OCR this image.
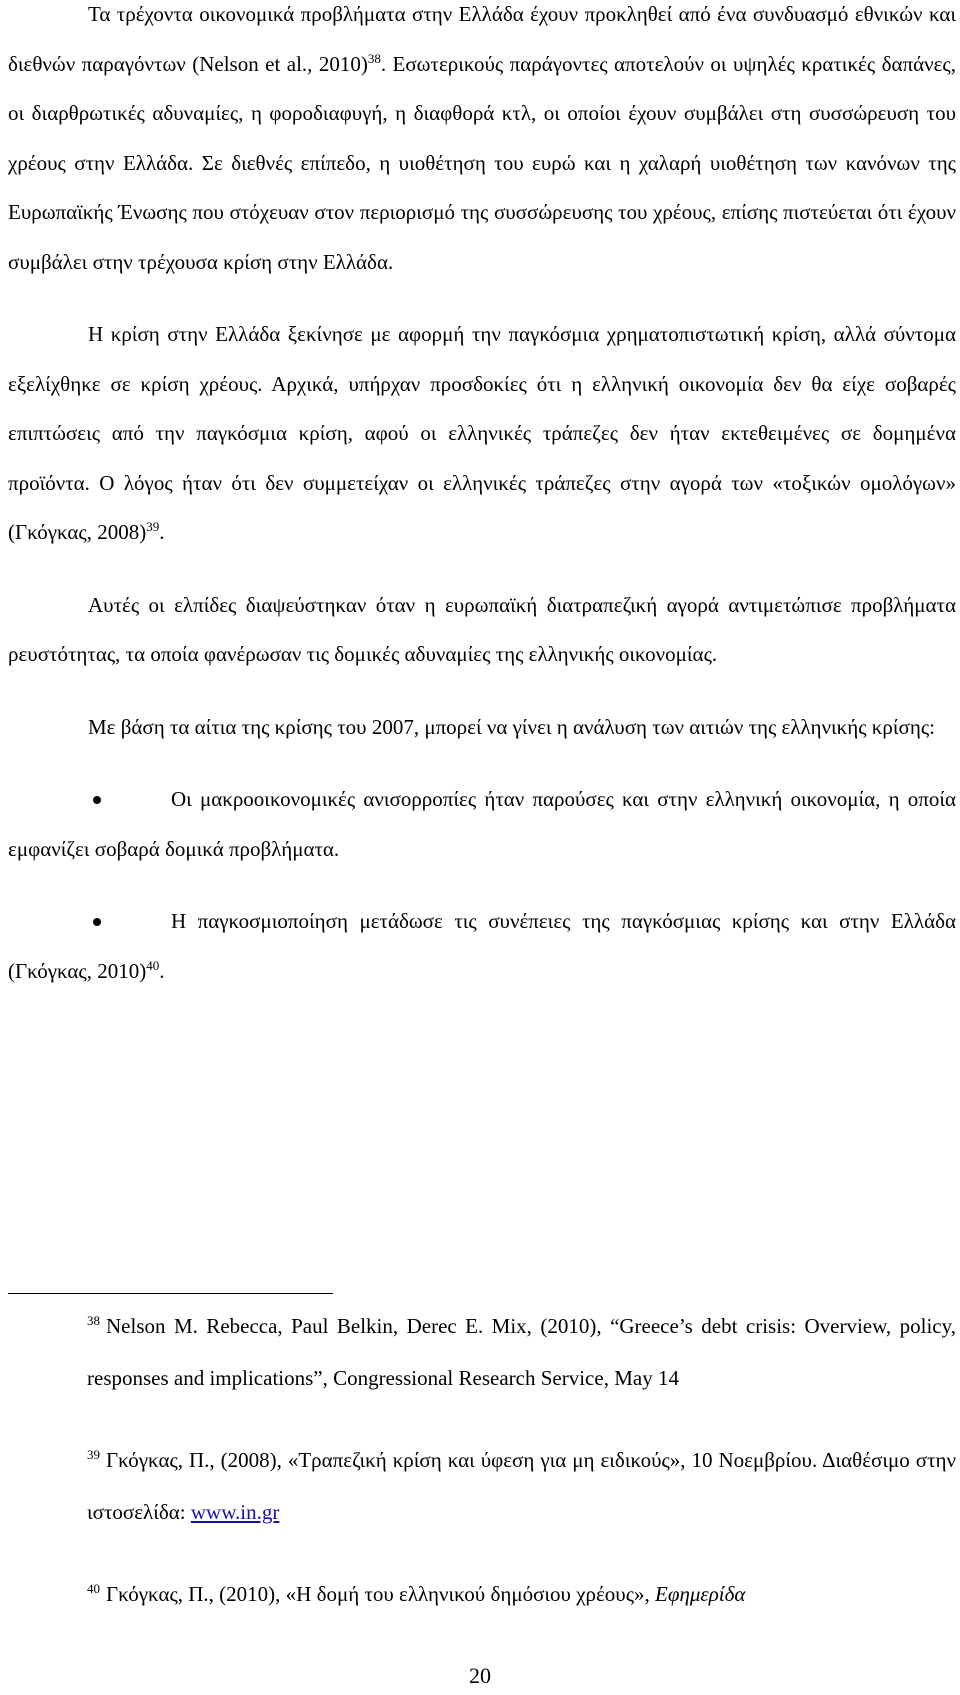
Τα τρέχοντα οικονομικά προβλήματα στην Ελλάδα έχουν προκληθεί από ένα συνδυασμό εθνικών και διεθνών παραγόντων (Nelson et al., 2010)$^{38}$. Εσωτερικούς παράγοντες αποτελούν οι υψηλές κρατικές δαπάνες, οι διαρθρωτικές αδυναμίες, η φοροδιαφυγή, η διαφθορά κτλ, οι οποίοι έχουν συμβάλει στη συσσώρευση του χρέους στην Ελλάδα. Σε διεθνές επίπεδο, η υιοθέτηση του ευρώ και η χαλαρή υιοθέτηση των κανόνων της Ευρωπαϊκής Ένωσης που στόχευαν στον περιορισμό της συσσώρευσης του χρέους, επίσης πιστεύεται ότι έχουν συμβάλει στην τρέχουσα κρίση στην Ελλάδα.

Η κρίση στην Ελλάδα ξεκίνησε με αφορμή την παγκόσμια χρηματοπιστωτική κρίση, αλλά σύντομα εξελίχθηκε σε κρίση χρέους. Αρχικά, υπήρχαν προσδοκίες ότι η ελληνική οικονομία δεν θα είχε σοβαρές επιπτώσεις από την παγκόσμια κρίση, αφού οι ελληνικές τράπεζες δεν ήταν εκτεθειμένες σε δομημένα προϊόντα. Ο λόγος ήταν ότι δεν συμμετείχαν οι ελληνικές τράπεζες στην αγορά των «τοξικών ομολόγων» (Γκόγκας, 2008)$^{39}$.

Αυτές οι ελπίδες διαψεύστηκαν όταν η ευρωπαϊκή διατραπεζική αγορά αντιμετώπισε προβλήματα ρευστότητας, τα οποία φανέρωσαν τις δομικές αδυναμίες της ελληνικής οικονομίας.

Με βάση τα αίτια της κρίσης του 2007, μπορεί να γίνει η ανάλυση των αιτιών της ελληνικής κρίσης:

Οι μακροοικονομικές ανισορροπίες ήταν παρούσες και στην ελληνική οικονομία, η οποία εμφανίζει σοβαρά δομικά προβλήματα.

Η παγκοσμιοποίηση μετάδωσε τις συνέπειες της παγκόσμιας κρίσης και στην Ελλάδα (Γκόγκας, 2010)$^{40}$.

$^{38}$ Nelson M. Rebecca, Paul Belkin, Derec E. Mix, (2010), “Greece’s debt crisis: Overview, policy, responses and implications”, Congressional Research Service, May 14

$^{39}$ Γκόγκας, Π., (2008), «Τραπεζική κρίση και ύφεση για μη ειδικούς», 10 Νοεμβρίου. Διαθέσιμο στην ιστοσελίδα: www.in.gr

$^{40}$ Γκόγκας, Π., (2010), «Η δομή του ελληνικού δημόσιου χρέους», Εφημερίδα

20
